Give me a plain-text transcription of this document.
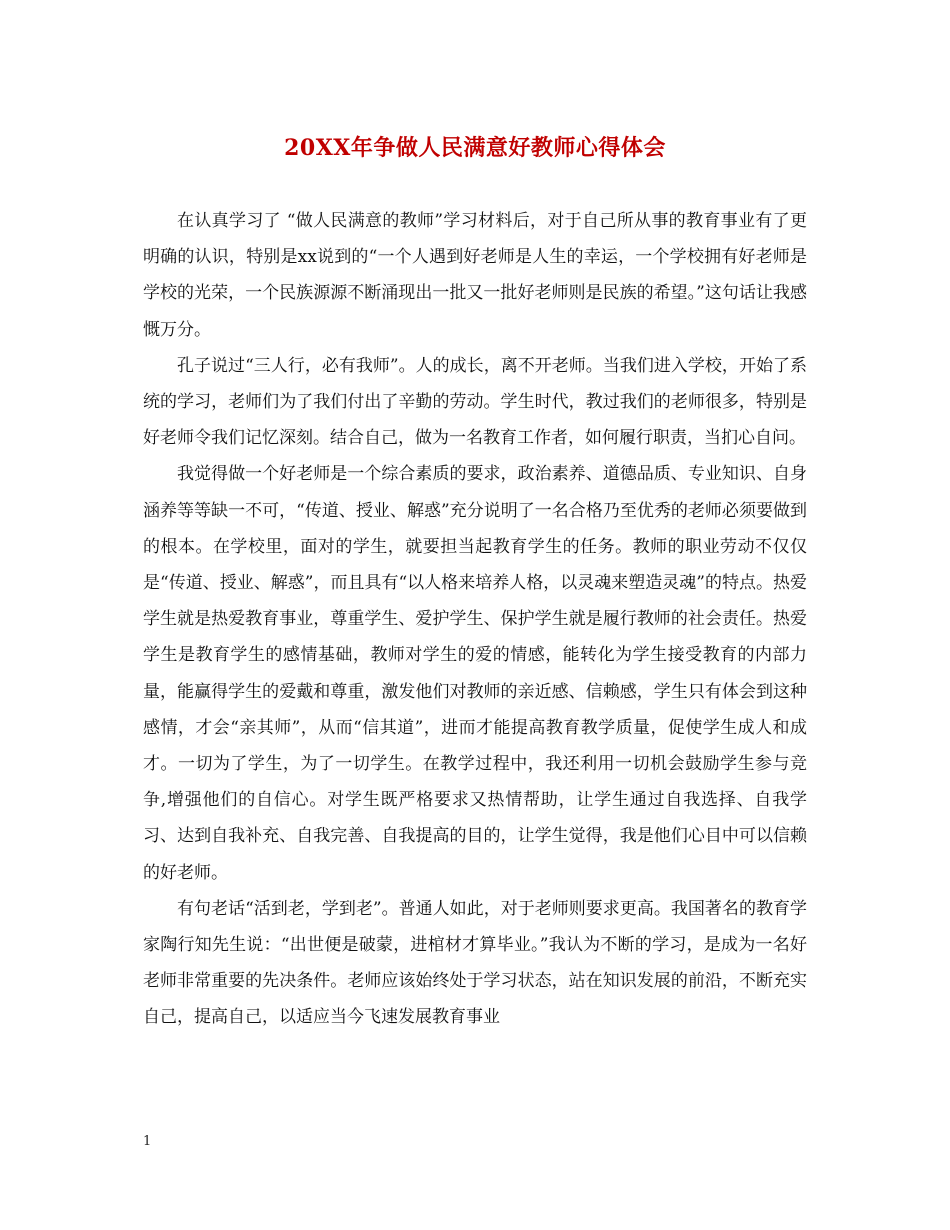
20XX年争做人民满意好教师心得体会

在认真学习了 “做人民满意的教师”学习材料后，对于自己所从事的教育事业有了更明确的认识，特别是xx说到的“一个人遇到好老师是人生的幸运，一个学校拥有好老师是学校的光荣，一个民族源源不断涌现出一批又一批好老师则是民族的希望。”这句话让我感慨万分。

孔子说过“三人行，必有我师”。人的成长，离不开老师。当我们进入学校，开始了系统的学习，老师们为了我们付出了辛勤的劳动。学生时代，教过我们的老师很多，特别是好老师令我们记忆深刻。结合自己，做为一名教育工作者，如何履行职责，当扪心自问。

我觉得做一个好老师是一个综合素质的要求，政治素养、道德品质、专业知识、自身涵养等等缺一不可，“传道、授业、解惑”充分说明了一名合格乃至优秀的老师必须要做到的根本。在学校里，面对的学生，就要担当起教育学生的任务。教师的职业劳动不仅仅是“传道、授业、解惑”，而且具有“以人格来培养人格，以灵魂来塑造灵魂”的特点。热爱学生就是热爱教育事业，尊重学生、爱护学生、保护学生就是履行教师的社会责任。热爱学生是教育学生的感情基础，教师对学生的爱的情感，能转化为学生接受教育的内部力量，能赢得学生的爱戴和尊重，激发他们对教师的亲近感、信赖感，学生只有体会到这种感情，才会“亲其师”，从而“信其道”，进而才能提高教育教学质量，促使学生成人和成才。一切为了学生，为了一切学生。在教学过程中，我还利用一切机会鼓励学生参与竞争,增强他们的自信心。对学生既严格要求又热情帮助，让学生通过自我选择、自我学习、达到自我补充、自我完善、自我提高的目的，让学生觉得，我是他们心目中可以信赖的好老师。

有句老话“活到老，学到老”。普通人如此，对于老师则要求更高。我国著名的教育学家陶行知先生说：“出世便是破蒙，进棺材才算毕业。”我认为不断的学习，是成为一名好老师非常重要的先决条件。老师应该始终处于学习状态，站在知识发展的前沿，不断充实自己，提高自己，以适应当今飞速发展教育事业

1
